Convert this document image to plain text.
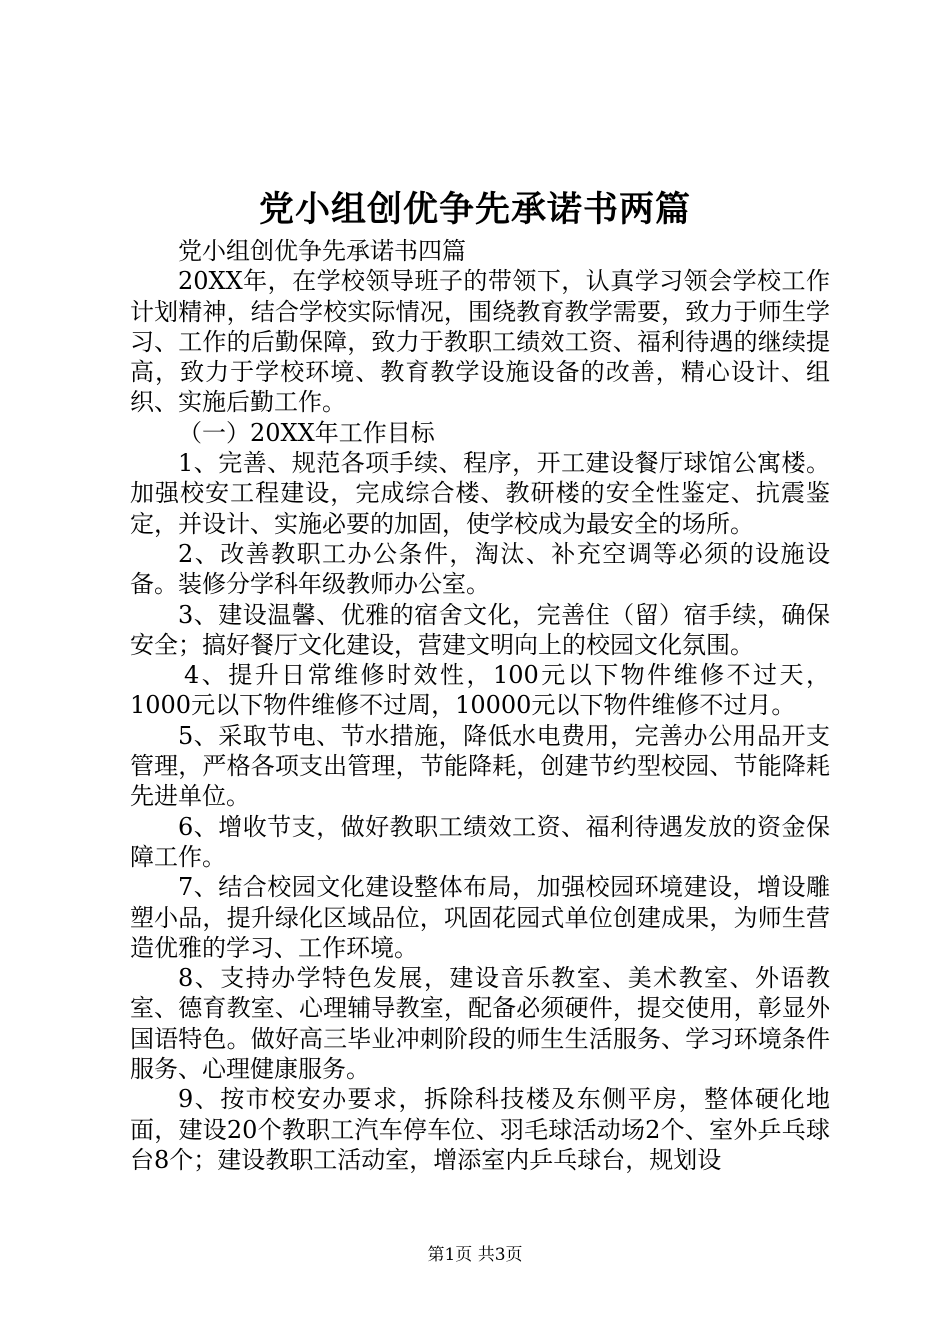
党小组创优争先承诺书两篇

党小组创优争先承诺书四篇

20XX年，在学校领导班子的带领下，认真学习领会学校工作计划精神，结合学校实际情况，围绕教育教学需要，致力于师生学习、工作的后勤保障，致力于教职工绩效工资、福利待遇的继续提高，致力于学校环境、教育教学设施设备的改善，精心设计、组织、实施后勤工作。

（一）20XX年工作目标

1、完善、规范各项手续、程序，开工建设餐厅球馆公寓楼。加强校安工程建设，完成综合楼、教研楼的安全性鉴定、抗震鉴定，并设计、实施必要的加固，使学校成为最安全的场所。

2、改善教职工办公条件，淘汰、补充空调等必须的设施设备。装修分学科年级教师办公室。

3、建设温馨、优雅的宿舍文化，完善住（留）宿手续，确保安全；搞好餐厅文化建设，营建文明向上的校园文化氛围。

4、提升日常维修时效性，100元以下物件维修不过天，1000元以下物件维修不过周，10000元以下物件维修不过月。

5、采取节电、节水措施，降低水电费用，完善办公用品开支管理，严格各项支出管理，节能降耗，创建节约型校园、节能降耗先进单位。

6、增收节支，做好教职工绩效工资、福利待遇发放的资金保障工作。

7、结合校园文化建设整体布局，加强校园环境建设，增设雕塑小品，提升绿化区域品位，巩固花园式单位创建成果，为师生营造优雅的学习、工作环境。

8、支持办学特色发展，建设音乐教室、美术教室、外语教室、德育教室、心理辅导教室，配备必须硬件，提交使用，彰显外国语特色。做好高三毕业冲刺阶段的师生生活服务、学习环境条件服务、心理健康服务。

9、按市校安办要求，拆除科技楼及东侧平房，整体硬化地面，建设20个教职工汽车停车位、羽毛球活动场2个、室外乒乓球台8个；建设教职工活动室，增添室内乒乓球台，规划设

第1页 共3页
